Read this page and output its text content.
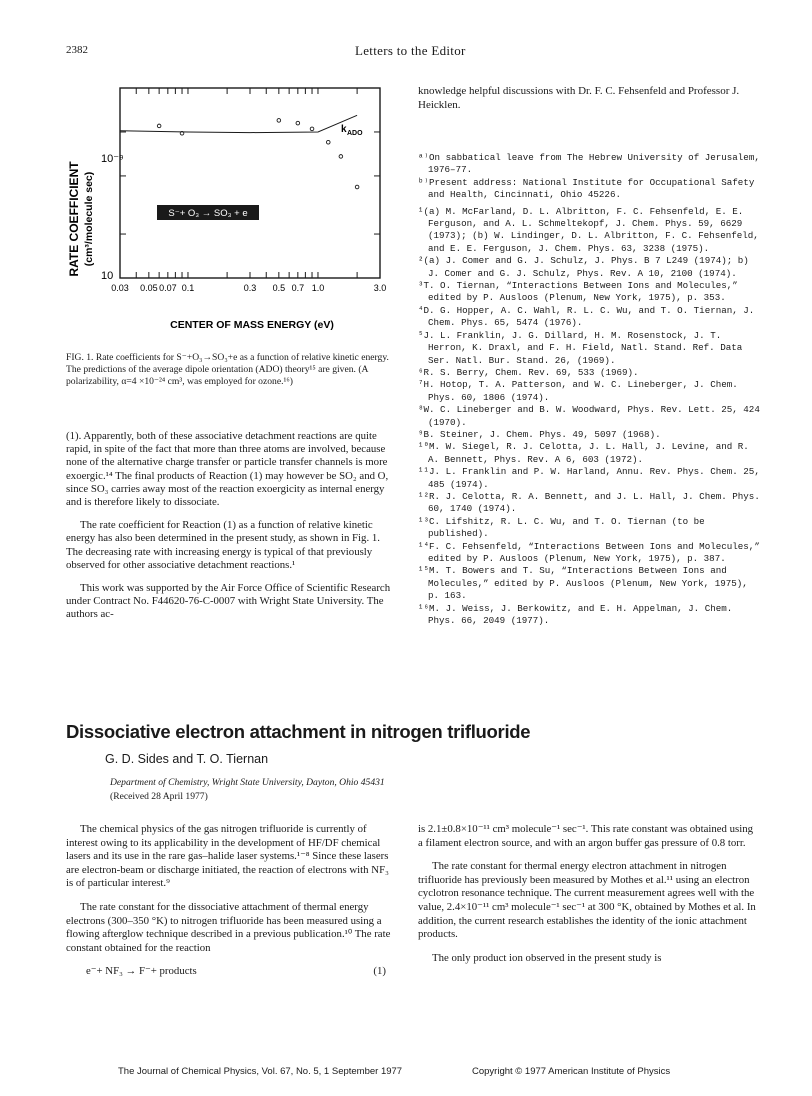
2382	Letters to the Editor
RATE COEFFICIENT (cm³/molecule sec)
10⁻⁹
10
k ADO
S⁻+ O₃ → SO₃ + e
0.03 0.05 0.07 0.1	0.3 0.5 0.7 1.0	3.0
CENTER OF MASS ENERGY (eV)
FIG. 1. Rate coefficients for S⁻+O₃→SO₃+e as a function of relative kinetic energy. The predictions of the average dipole orientation (ADO) theory¹⁵ are given. (A polarizability, α=4 ×10⁻²⁴ cm³, was employed for ozone.¹⁶)

(1). Apparently, both of these associative detachment reactions are quite rapid, in spite of the fact that more than three atoms are involved, because none of the alternative charge transfer or particle transfer channels is more exoergic.¹⁴ The final products of Reaction (1) may however be SO₂ and O, since SO₃ carries away most of the reaction exoergicity as internal energy and is therefore likely to dissociate.

The rate coefficient for Reaction (1) as a function of relative kinetic energy has also been determined in the present study, as shown in Fig. 1. The decreasing rate with increasing energy is typical of that previously observed for other associative detachment reactions.¹

This work was supported by the Air Force Office of Scientific Research under Contract No. F44620-76-C-0007 with Wright State University. The authors ac-

knowledge helpful discussions with Dr. F. C. Fehsenfeld and Professor J. Heicklen.
ᵃ⁾On sabbatical leave from The Hebrew University of Jerusalem, 1976–77.
ᵇ⁾Present address: National Institute for Occupational Safety and Health, Cincinnati, Ohio 45226.
¹(a) M. McFarland, D. L. Albritton, F. C. Fehsenfeld, E. E. Ferguson, and A. L. Schmeltekopf, J. Chem. Phys. 59, 6629 (1973); (b) W. Lindinger, D. L. Albritton, F. C. Fehsenfeld, and E. E. Ferguson, J. Chem. Phys. 63, 3238 (1975).
²(a) J. Comer and G. J. Schulz, J. Phys. B 7 L249 (1974); b) J. Comer and G. J. Schulz, Phys. Rev. A 10, 2100 (1974).
³T. O. Tiernan, “Interactions Between Ions and Molecules,” edited by P. Ausloos (Plenum, New York, 1975), p. 353.
⁴D. G. Hopper, A. C. Wahl, R. L. C. Wu, and T. O. Tiernan, J. Chem. Phys. 65, 5474 (1976).
⁵J. L. Franklin, J. G. Dillard, H. M. Rosenstock, J. T. Herron, K. Draxl, and F. H. Field, Natl. Stand. Ref. Data Ser. Natl. Bur. Stand. 26, (1969).
⁶R. S. Berry, Chem. Rev. 69, 533 (1969).
⁷H. Hotop, T. A. Patterson, and W. C. Lineberger, J. Chem. Phys. 60, 1806 (1974).
⁸W. C. Lineberger and B. W. Woodward, Phys. Rev. Lett. 25, 424 (1970).
⁹B. Steiner, J. Chem. Phys. 49, 5097 (1968).
¹⁰M. W. Siegel, R. J. Celotta, J. L. Hall, J. Levine, and R. A. Bennett, Phys. Rev. A 6, 603 (1972).
¹¹J. L. Franklin and P. W. Harland, Annu. Rev. Phys. Chem. 25, 485 (1974).
¹²R. J. Celotta, R. A. Bennett, and J. L. Hall, J. Chem. Phys. 60, 1740 (1974).
¹³C. Lifshitz, R. L. C. Wu, and T. O. Tiernan (to be published).
¹⁴F. C. Fehsenfeld, “Interactions Between Ions and Molecules,” edited by P. Ausloos (Plenum, New York, 1975), p. 387.
¹⁵M. T. Bowers and T. Su, “Interactions Between Ions and Molecules,” edited by P. Ausloos (Plenum, New York, 1975), p. 163.
¹⁶M. J. Weiss, J. Berkowitz, and E. H. Appelman, J. Chem. Phys. 66, 2049 (1977).
Dissociative electron attachment in nitrogen trifluoride
G. D. Sides and T. O. Tiernan
Department of Chemistry, Wright State University, Dayton, Ohio 45431
(Received 28 April 1977)

The chemical physics of the gas nitrogen trifluoride is currently of interest owing to its applicability in the development of HF/DF chemical lasers and its use in the rare gas–halide laser systems.¹⁻⁸ Since these lasers are electron-beam or discharge initiated, the reaction of electrons with NF₃ is of particular interest.⁹

The rate constant for the dissociative attachment of thermal energy electrons (300–350 °K) to nitrogen trifluoride has been measured using a flowing afterglow technique described in a previous publication.¹⁰ The rate constant obtained for the reaction

e⁻+ NF₃ → F⁻+ products	(1)

is 2.1±0.8×10⁻¹¹ cm³ molecule⁻¹ sec⁻¹. This rate constant was obtained using a filament electron source, and with an argon buffer gas pressure of 0.8 torr.

The rate constant for thermal energy electron attachment in nitrogen trifluoride has previously been measured by Mothes et al.¹¹ using an electron cyclotron resonance technique. The current measurement agrees well with the value, 2.4×10⁻¹¹ cm³ molecule⁻¹ sec⁻¹ at 300 °K, obtained by Mothes et al. In addition, the current research establishes the identity of the ionic attachment products.

The only product ion observed in the present study is

The Journal of Chemical Physics, Vol. 67, No. 5, 1 September 1977	Copyright © 1977 American Institute of Physics
